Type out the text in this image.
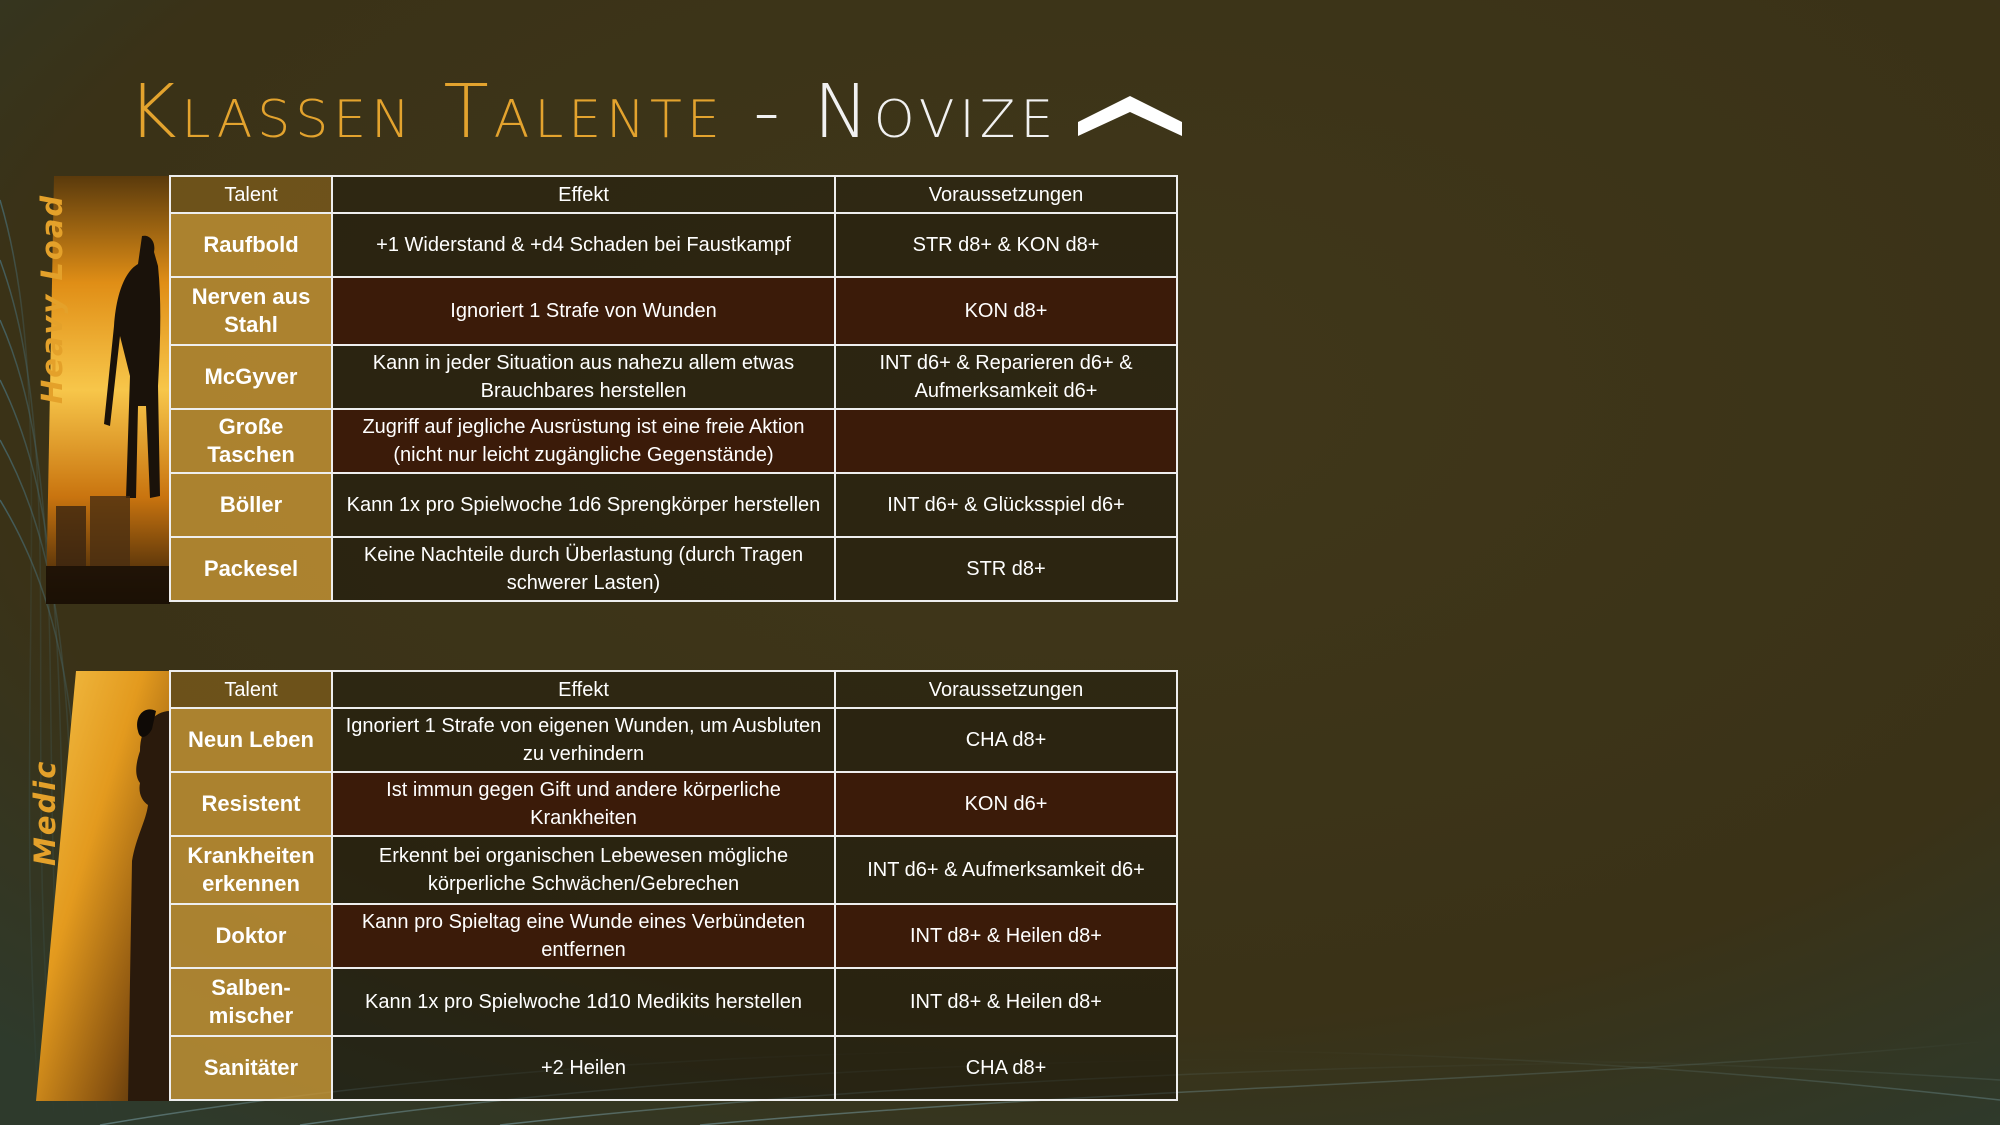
Klassen Talente - Novize
Heavy Load	Talent	Effekt	Voraussetzungen
Raufbold	+1 Widerstand & +d4 Schaden bei Faustkampf	STR d8+ & KON d8+
Nerven aus Stahl	Ignoriert 1 Strafe von Wunden	KON d8+
McGyver	Kann in jeder Situation aus nahezu allem etwas Brauchbares herstellen	INT d6+ & Reparieren d6+ & Aufmerksamkeit d6+
Große Taschen	Zugriff auf jegliche Ausrüstung ist eine freie Aktion (nicht nur leicht zugängliche Gegenstände)	
Böller	Kann 1x pro Spielwoche 1d6 Sprengkörper herstellen	INT d6+ & Glücksspiel d6+
Packesel	Keine Nachteile durch Überlastung (durch Tragen schwerer Lasten)	STR d8+
Medic
Talent	Effekt	Voraussetzungen
Neun Leben	Ignoriert 1 Strafe von eigenen Wunden, um Ausbluten zu verhindern	CHA d8+
Resistent	Ist immun gegen Gift und andere körperliche Krankheiten	KON d6+
Krankheiten erkennen	Erkennt bei organischen Lebewesen mögliche körperliche Schwächen/Gebrechen	INT d6+ & Aufmerksamkeit d6+
Doktor	Kann pro Spieltag eine Wunde eines Verbündeten entfernen	INT d8+ & Heilen d8+
Salben-mischer	Kann 1x pro Spielwoche 1d10 Medikits herstellen	INT d8+ & Heilen d8+
Sanitäter	+2 Heilen	CHA d8+
